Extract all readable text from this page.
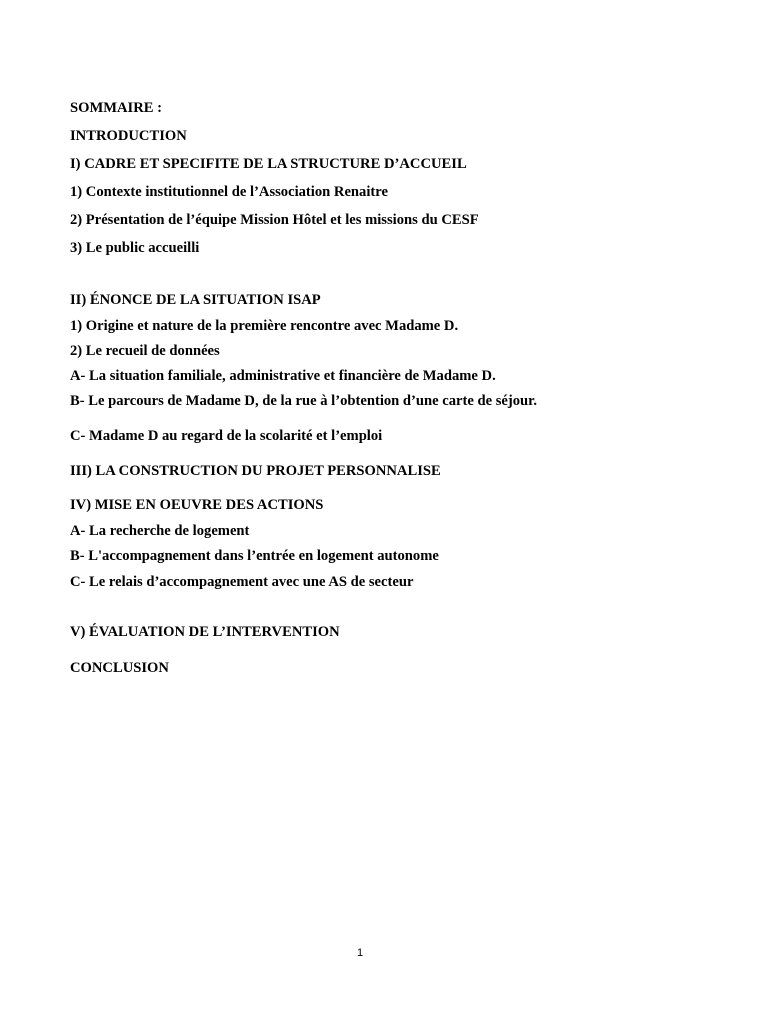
SOMMAIRE :

INTRODUCTION

I) CADRE ET SPECIFITE DE LA STRUCTURE D’ACCUEIL

1) Contexte institutionnel de l’Association Renaitre

2) Présentation de l’équipe Mission Hôtel et les missions du CESF

3) Le public accueilli

II) ÉNONCE DE LA SITUATION ISAP

1) Origine et nature de la première rencontre avec Madame D.

2) Le recueil de données

A- La situation familiale, administrative et financière de Madame D.

B- Le parcours de Madame D, de la rue à l’obtention d’une carte de séjour.

C- Madame D au regard de la scolarité et l’emploi

III) LA CONSTRUCTION DU PROJET PERSONNALISE

IV) MISE EN OEUVRE DES ACTIONS

A- La recherche de logement

B- L'accompagnement dans l’entrée en logement autonome

C- Le relais d’accompagnement avec une AS de secteur

V) ÉVALUATION DE L’INTERVENTION

CONCLUSION

1
